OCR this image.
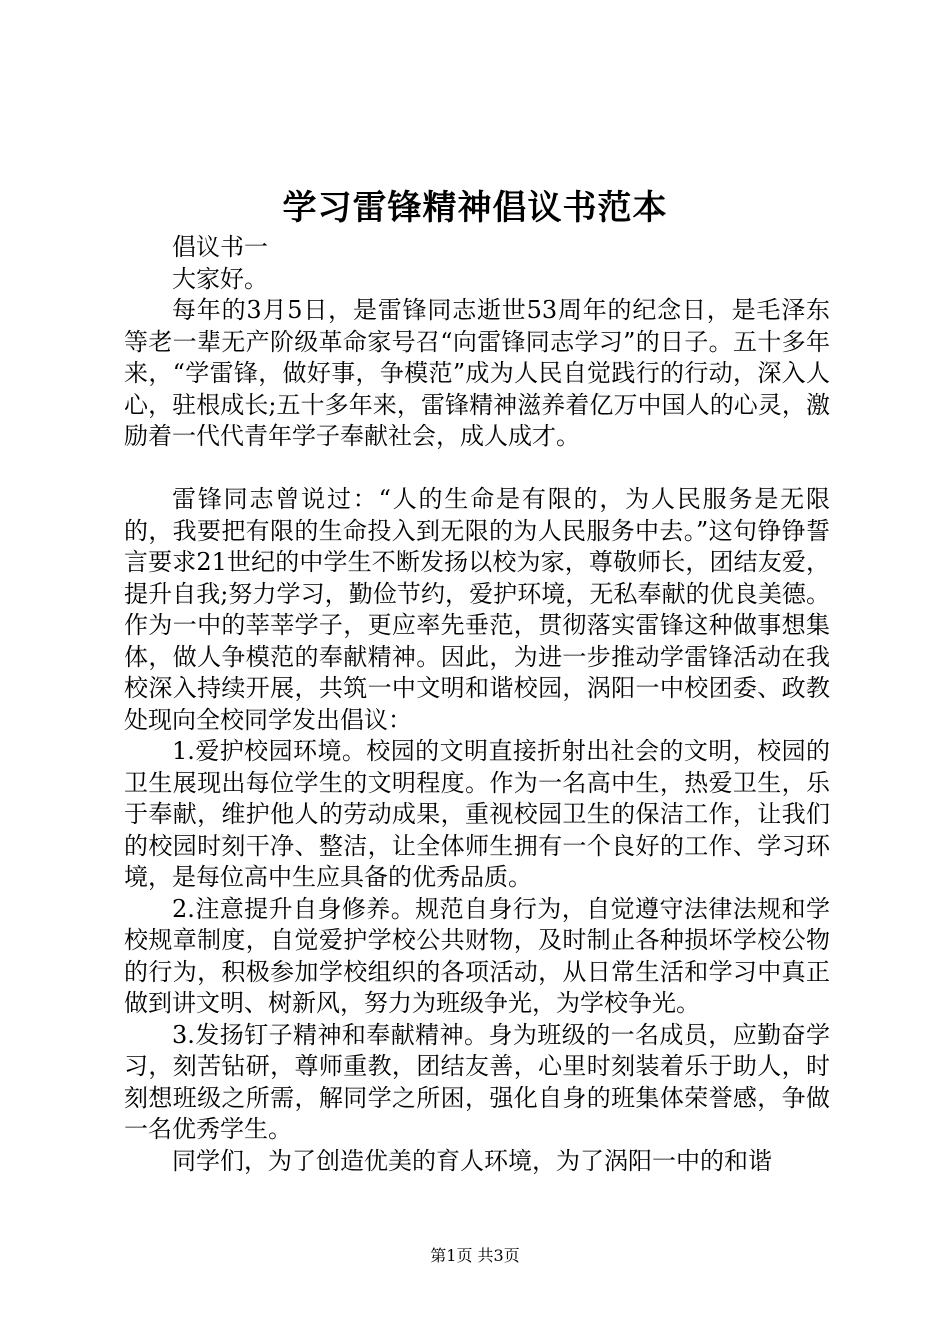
学习雷锋精神倡议书范本

倡议书一

大家好。

每年的3月5日，是雷锋同志逝世53周年的纪念日，是毛泽东等老一辈无产阶级革命家号召“向雷锋同志学习”的日子。五十多年来，“学雷锋，做好事，争模范”成为人民自觉践行的行动，深入人心，驻根成长;五十多年来，雷锋精神滋养着亿万中国人的心灵，激励着一代代青年学子奉献社会，成人成才。

雷锋同志曾说过：“人的生命是有限的，为人民服务是无限的，我要把有限的生命投入到无限的为人民服务中去。”这句铮铮誓言要求21世纪的中学生不断发扬以校为家，尊敬师长，团结友爱，提升自我;努力学习，勤俭节约，爱护环境，无私奉献的优良美德。作为一中的莘莘学子，更应率先垂范，贯彻落实雷锋这种做事想集体，做人争模范的奉献精神。因此，为进一步推动学雷锋活动在我校深入持续开展，共筑一中文明和谐校园，涡阳一中校团委、政教处现向全校同学发出倡议：

1.爱护校园环境。校园的文明直接折射出社会的文明，校园的卫生展现出每位学生的文明程度。作为一名高中生，热爱卫生，乐于奉献，维护他人的劳动成果，重视校园卫生的保洁工作，让我们的校园时刻干净、整洁，让全体师生拥有一个良好的工作、学习环境，是每位高中生应具备的优秀品质。

2.注意提升自身修养。规范自身行为，自觉遵守法律法规和学校规章制度，自觉爱护学校公共财物，及时制止各种损坏学校公物的行为，积极参加学校组织的各项活动，从日常生活和学习中真正做到讲文明、树新风，努力为班级争光，为学校争光。

3.发扬钉子精神和奉献精神。身为班级的一名成员，应勤奋学习，刻苦钻研，尊师重教，团结友善，心里时刻装着乐于助人，时刻想班级之所需，解同学之所困，强化自身的班集体荣誉感，争做一名优秀学生。

同学们，为了创造优美的育人环境，为了涡阳一中的和谐

第1页 共3页
